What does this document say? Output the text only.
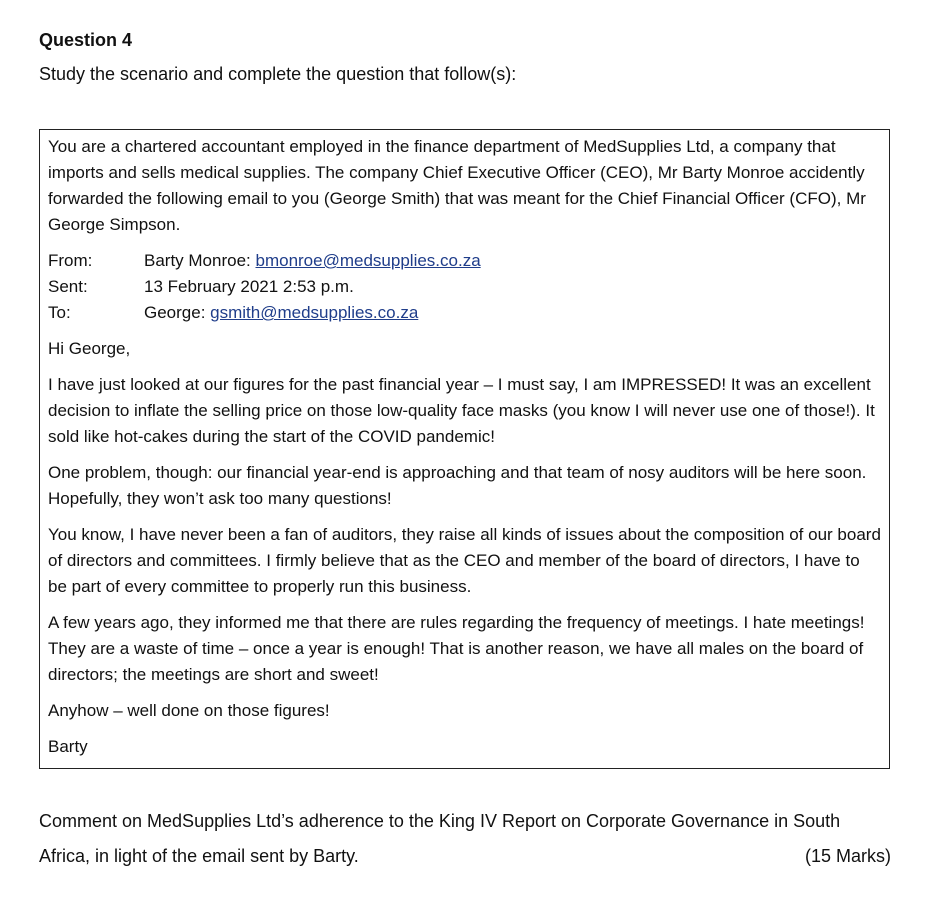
Question 4

Study the scenario and complete the question that follow(s):

You are a chartered accountant employed in the finance department of MedSupplies Ltd, a company that imports and sells medical supplies. The company Chief Executive Officer (CEO), Mr Barty Monroe accidently forwarded the following email to you (George Smith) that was meant for the Chief Financial Officer (CFO), Mr George Simpson.

From:	Barty Monroe: bmonroe@medsupplies.co.za
Sent:	13 February 2021 2:53 p.m.
To:	George: gsmith@medsupplies.co.za

Hi George,

I have just looked at our figures for the past financial year – I must say, I am IMPRESSED! It was an excellent decision to inflate the selling price on those low-quality face masks (you know I will never use one of those!). It sold like hot-cakes during the start of the COVID pandemic!

One problem, though: our financial year-end is approaching and that team of nosy auditors will be here soon. Hopefully, they won’t ask too many questions!

You know, I have never been a fan of auditors, they raise all kinds of issues about the composition of our board of directors and committees. I firmly believe that as the CEO and member of the board of directors, I have to be part of every committee to properly run this business.

A few years ago, they informed me that there are rules regarding the frequency of meetings. I hate meetings! They are a waste of time – once a year is enough! That is another reason, we have all males on the board of directors; the meetings are short and sweet!

Anyhow – well done on those figures!

Barty

Comment on MedSupplies Ltd’s adherence to the King IV Report on Corporate Governance in South Africa, in light of the email sent by Barty.	(15 Marks)
